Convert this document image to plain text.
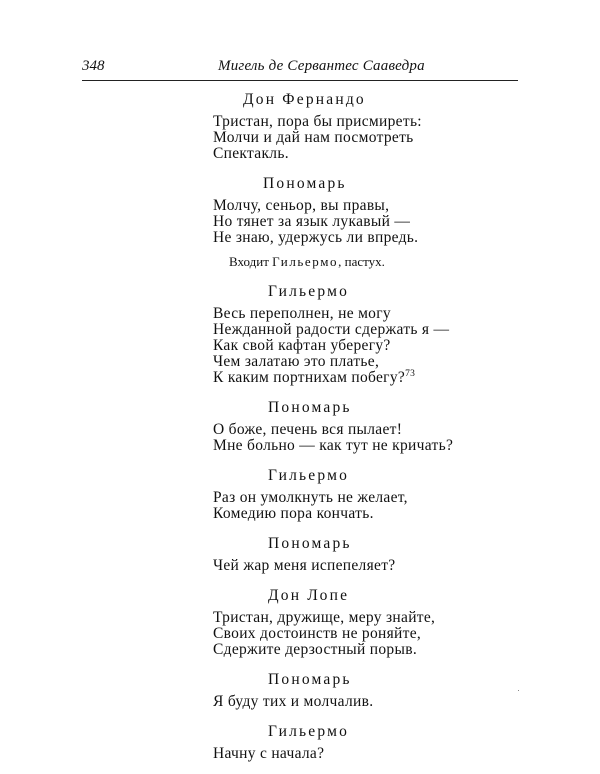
348	Мигель де Сервантес Сааведра
Дон Фернандо
Тристан, пора бы присмиреть:
Молчи и дай нам посмотреть
Спектакль.
Пономарь
Молчу, сеньор, вы правы,
Но тянет за язык лукавый —
Не знаю, удержусь ли впредь.
Входит Гильермо, пастух.
Гильермо
Весь переполнен, не могу
Нежданной радости сдержать я —
Как свой кафтан уберегу?
Чем залатаю это платье,
К каким портнихам побегу?$^{73}$
Пономарь
О боже, печень вся пылает!
Мне больно — как тут не кричать?
Гильермо
Раз он умолкнуть не желает,
Комедию пора кончать.
Пономарь
Чей жар меня испепеляет?
Дон Лопе
Тристан, дружище, меру знайте,
Своих достоинств не роняйте,
Сдержите дерзостный порыв.
Пономарь
Я буду тих и молчалив.
Гильермо
Начну с начала?
